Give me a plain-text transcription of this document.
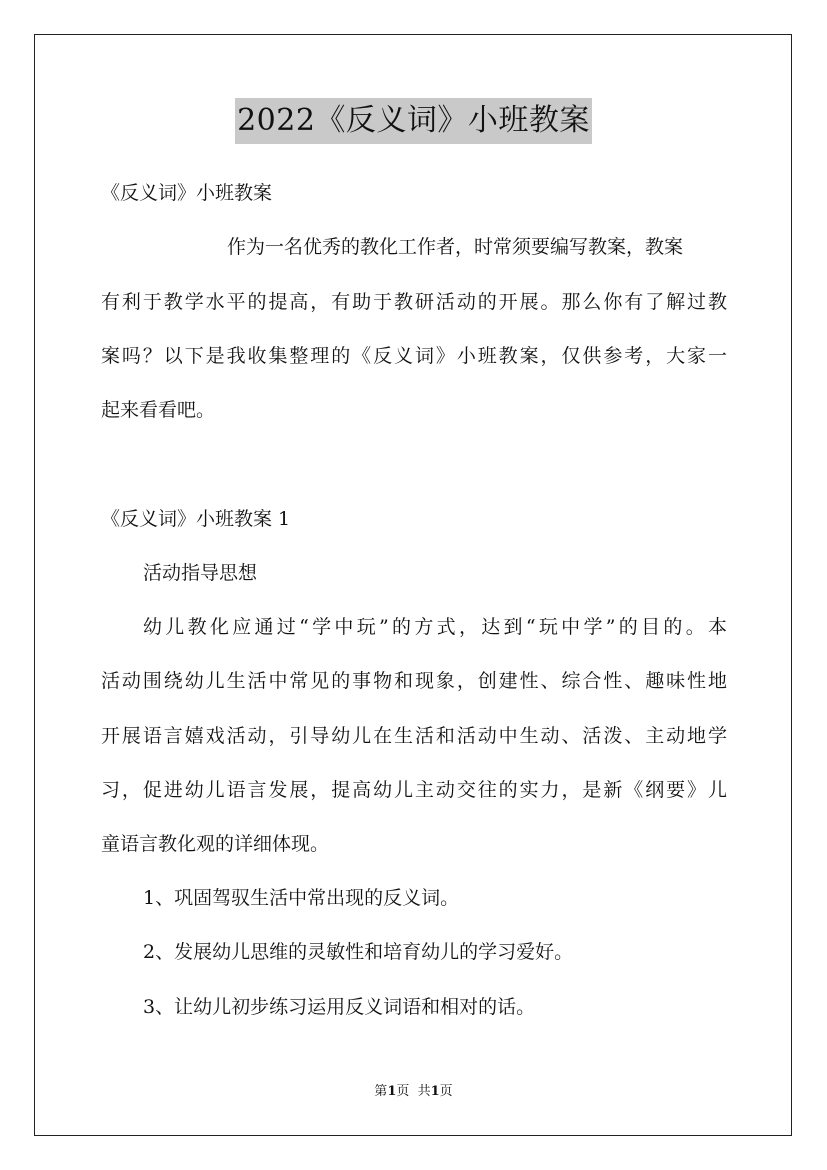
2022《反义词》小班教案
《反义词》小班教案
作为一名优秀的教化工作者，时常须要编写教案，教案
有利于教学水平的提高，有助于教研活动的开展。那么你有了解过教
案吗？以下是我收集整理的《反义词》小班教案，仅供参考，大家一
起来看看吧。
《反义词》小班教案 1
活动指导思想
幼儿教化应通过“学中玩”的方式，达到“玩中学”的目的。本
活动围绕幼儿生活中常见的事物和现象，创建性、综合性、趣味性地
开展语言嬉戏活动，引导幼儿在生活和活动中生动、活泼、主动地学
习，促进幼儿语言发展，提高幼儿主动交往的实力，是新《纲要》儿
童语言教化观的详细体现。
1、巩固驾驭生活中常出现的反义词。
2、发展幼儿思维的灵敏性和培育幼儿的学习爱好。
3、让幼儿初步练习运用反义词语和相对的话。
第1页  共1页
